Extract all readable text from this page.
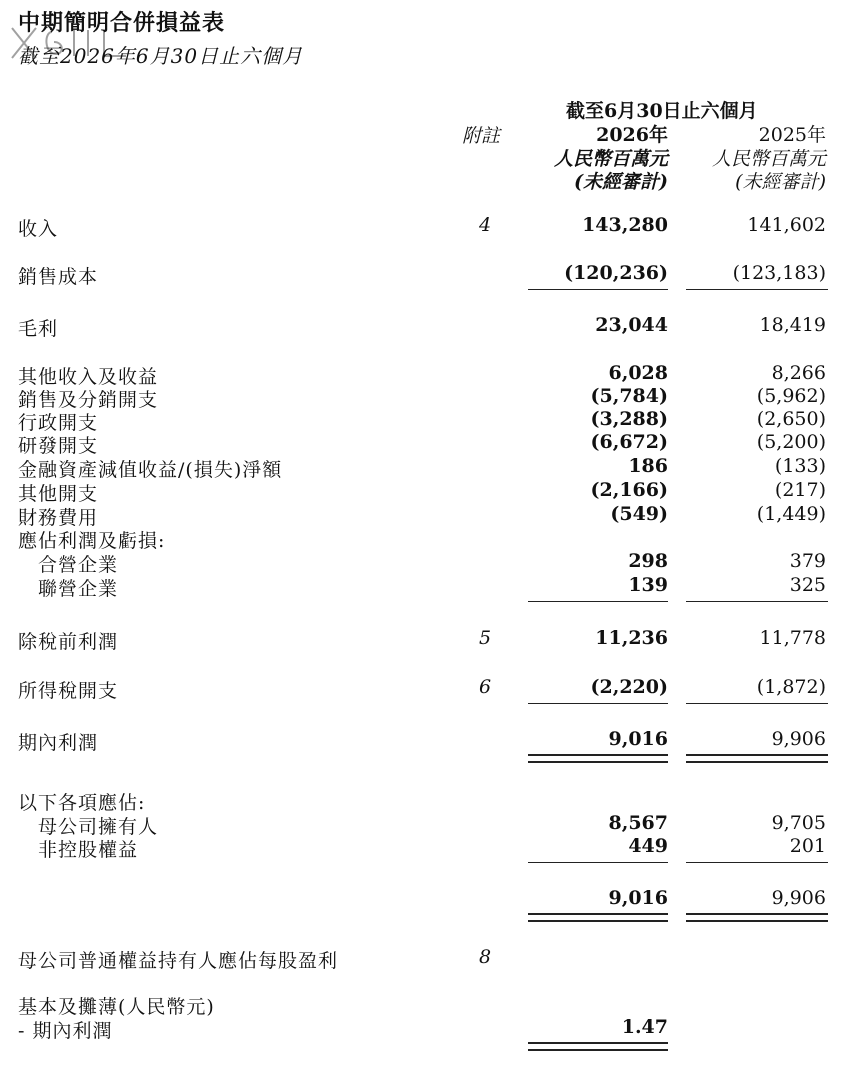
中期簡明合併損益表
截至2026年6月30日止六個月
截至6月30日止六個月
附註	2026年	2025年
人民幣百萬元 人民幣百萬元
(未經審計)	(未經審計)
收入	4	143,280	141,602
銷售成本	(120,236)	(123,183)
毛利	23,044	18,419
其他收入及收益	6,028	8,266
銷售及分銷開支	(5,784)	(5,962)
行政開支	(3,288)	(2,650)
研發開支	(6,672)	(5,200)
金融資產減值收益/(損失)淨額	186	(133)
其他開支	(2,166)	(217)
財務費用	(549)	(1,449)
應佔利潤及虧損:
合營企業	298	379
聯營企業	139	325
除稅前利潤	5	11,236	11,778
所得稅開支	6	(2,220)	(1,872)
期內利潤	9,016	9,906
以下各項應佔:
母公司擁有人	8,567	9,705
非控股權益	449	201
9,016	9,906
母公司普通權益持有人應佔每股盈利	8
基本及攤薄(人民幣元)
- 期內利潤	1.47
